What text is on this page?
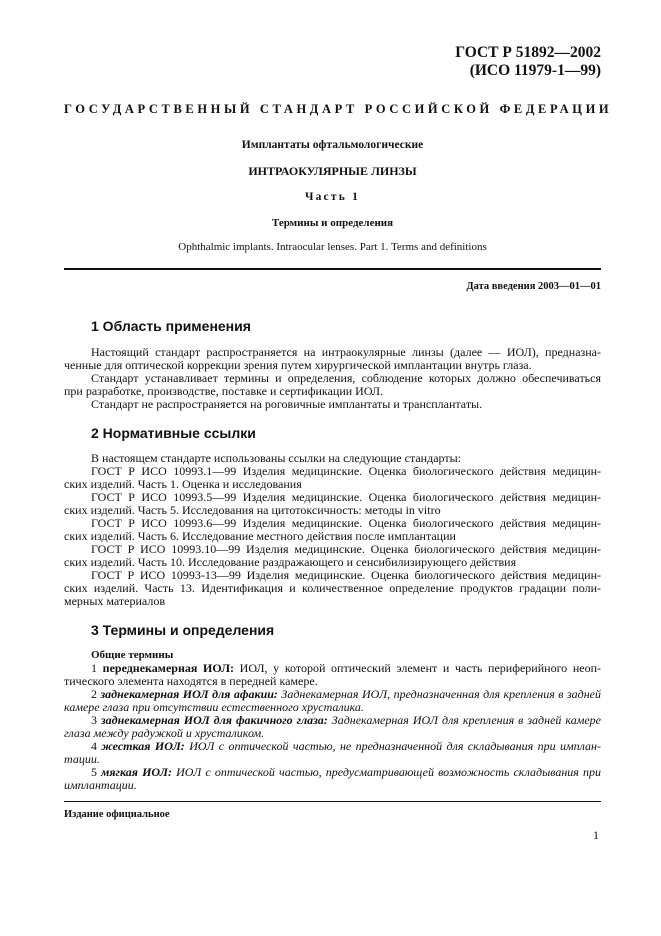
ГОСТ Р 51892—2002
(ИСО 11979-1—99)
ГОСУДАРСТВЕННЫЙ СТАНДАРТ РОССИЙСКОЙ ФЕДЕРАЦИИ
Имплантаты офтальмологические
ИНТРАОКУЛЯРНЫЕ ЛИНЗЫ
Часть 1
Термины и определения
Ophthalmic implants. Intraocular lenses. Part 1. Terms and definitions
Дата введения 2003—01—01
1 Область применения
Настоящий стандарт распространяется на интраокулярные линзы (далее — ИОЛ), предназна-
ченные для оптической коррекции зрения путем хирургической имплантации внутрь глаза.
Стандарт устанавливает термины и определения, соблюдение которых должно обеспечиваться
при разработке, производстве, поставке и сертификации ИОЛ.
Стандарт не распространяется на роговичные имплантаты и трансплантаты.
2 Нормативные ссылки
В настоящем стандарте использованы ссылки на следующие стандарты:
ГОСТ Р ИСО 10993.1—99 Изделия медицинские. Оценка биологического действия медицин-
ских изделий. Часть 1. Оценка и исследования
ГОСТ Р ИСО 10993.5—99 Изделия медицинские. Оценка биологического действия медицин-
ских изделий. Часть 5. Исследования на цитотоксичность: методы in vitro
ГОСТ Р ИСО 10993.6—99 Изделия медицинские. Оценка биологического действия медицин-
ских изделий. Часть 6. Исследование местного действия после имплантации
ГОСТ Р ИСО 10993.10—99 Изделия медицинские. Оценка биологического действия медицин-
ских изделий. Часть 10. Исследование раздражающего и сенсибилизирующего действия
ГОСТ Р ИСО 10993-13—99 Изделия медицинские. Оценка биологического действия медицин-
ских изделий. Часть 13. Идентификация и количественное определение продуктов градации поли-
мерных материалов
3 Термины и определения
Общие термины
1 переднекамерная ИОЛ: ИОЛ, у которой оптический элемент и часть периферийного неоп-
тического элемента находятся в передней камере.
2 заднекамерная ИОЛ для афакии: Заднекамерная ИОЛ, предназначенная для крепления в задней
камере глаза при отсутствии естественного хрусталика.
3 заднекамерная ИОЛ для факичного глаза: Заднекамерная ИОЛ для крепления в задней камере
глаза между радужкой и хрусталиком.
4 жесткая ИОЛ: ИОЛ с оптической частью, не предназначенной для складывания при имплан-
тации.
5 мягкая ИОЛ: ИОЛ с оптической частью, предусматривающей возможность складывания при
имплантации.
Издание официальное
1
